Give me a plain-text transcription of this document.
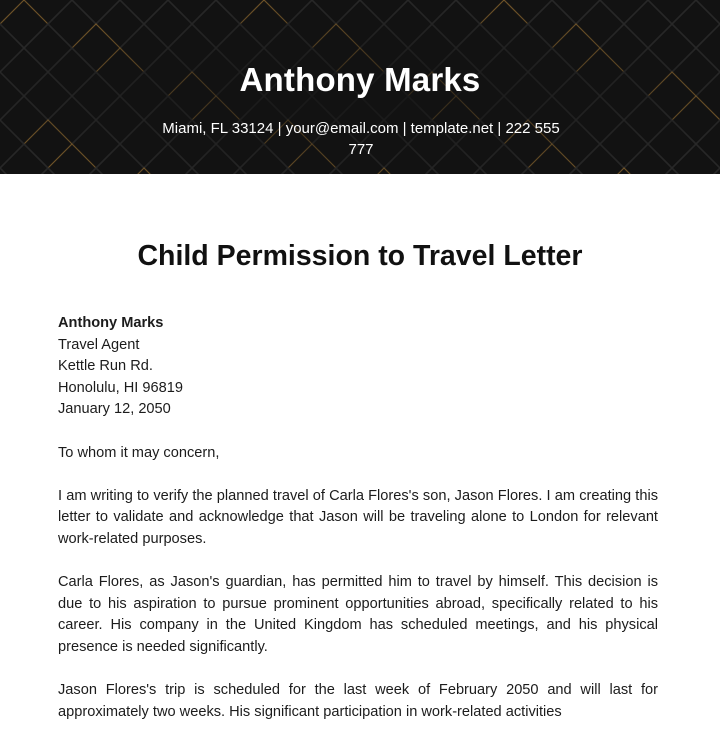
Anthony Marks
Miami, FL 33124 | your@email.com | template.net | 222 555 777
Child Permission to Travel Letter
Anthony Marks
Travel Agent
Kettle Run Rd.
Honolulu, HI 96819
January 12, 2050

To whom it may concern,

I am writing to verify the planned travel of Carla Flores's son, Jason Flores. I am creating this letter to validate and acknowledge that Jason will be traveling alone to London for relevant work-related purposes.

Carla Flores, as Jason's guardian, has permitted him to travel by himself. This decision is due to his aspiration to pursue prominent opportunities abroad, specifically related to his career. His company in the United Kingdom has scheduled meetings, and his physical presence is needed significantly.

Jason Flores's trip is scheduled for the last week of February 2050 and will last for approximately two weeks. His significant participation in work-related activities
